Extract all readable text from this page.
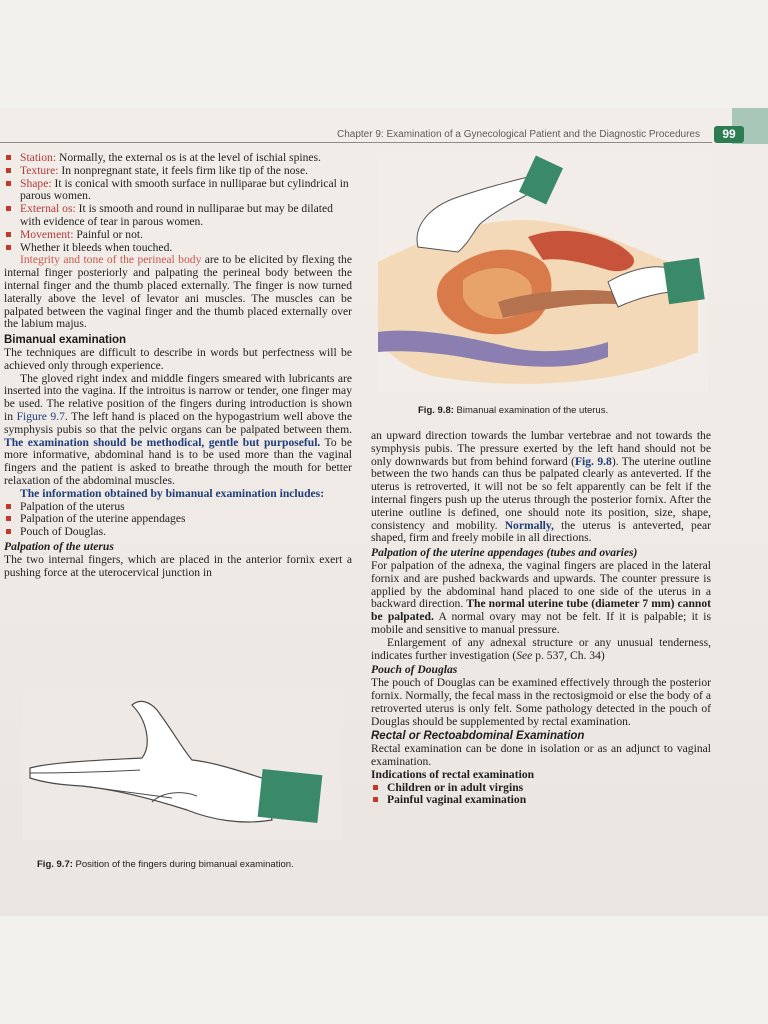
Chapter 9: Examination of a Gynecological Patient and the Diagnostic Procedures	99
Station: Normally, the external os is at the level of ischial spines.
Texture: In nonpregnant state, it feels firm like tip of the nose.
Shape: It is conical with smooth surface in nulliparae but cylindrical in parous women.
External os: It is smooth and round in nulliparae but may be dilated with evidence of tear in parous women.
Movement: Painful or not.
Whether it bleeds when touched.

Integrity and tone of the perineal body are to be elicited by flexing the internal finger posteriorly and palpating the perineal body between the internal finger and the thumb placed externally. The finger is now turned laterally above the level of levator ani muscles. The muscles can be palpated between the vaginal finger and the thumb placed externally over the labium majus.

Bimanual examination

The techniques are difficult to describe in words but perfectness will be achieved only through experience.

The gloved right index and middle fingers smeared with lubricants are inserted into the vagina. If the introitus is narrow or tender, one finger may be used. The relative position of the fingers during introduction is shown in Figure 9.7. The left hand is placed on the hypogastrium well above the symphysis pubis so that the pelvic organs can be palpated between them. The examination should be methodical, gentle but purposeful. To be more informative, abdominal hand is to be used more than the vaginal fingers and the patient is asked to breathe through the mouth for better relaxation of the abdominal muscles.

The information obtained by bimanual examination includes:

Palpation of the uterus
Palpation of the uterine appendages
Pouch of Douglas.
Palpation of the uterus

The two internal fingers, which are placed in the anterior fornix exert a pushing force at the uterocervical junction in

Fig. 9.8: Bimanual examination of the uterus.

an upward direction towards the lumbar vertebrae and not towards the symphysis pubis. The pressure exerted by the left hand should not be only downwards but from behind forward (Fig. 9.8). The uterine outline between the two hands can thus be palpated clearly as anteverted. If the uterus is retroverted, it will not be so felt apparently can be felt if the internal fingers push up the uterus through the posterior fornix. After the uterine outline is defined, one should note its position, size, shape, consistency and mobility. Normally, the uterus is anteverted, pear shaped, firm and freely mobile in all directions.

Palpation of the uterine appendages (tubes and ovaries)

For palpation of the adnexa, the vaginal fingers are placed in the lateral fornix and are pushed backwards and upwards. The counter pressure is applied by the abdominal hand placed to one side of the uterus in a backward direction. The normal uterine tube (diameter 7 mm) cannot be palpated. A normal ovary may not be felt. If it is palpable; it is mobile and sensitive to manual pressure.

Enlargement of any adnexal structure or any unusual tenderness, indicates further investigation (See p. 537, Ch. 34)

Pouch of Douglas

The pouch of Douglas can be examined effectively through the posterior fornix. Normally, the fecal mass in the rectosigmoid or else the body of a retroverted uterus is only felt. Some pathology detected in the pouch of Douglas should be supplemented by rectal examination.

Rectal or Rectoabdominal Examination

Rectal examination can be done in isolation or as an adjunct to vaginal examination.

Indications of rectal examination
Children or in adult virgins
Painful vaginal examination
Fig. 9.7: Position of the fingers during bimanual examination.
